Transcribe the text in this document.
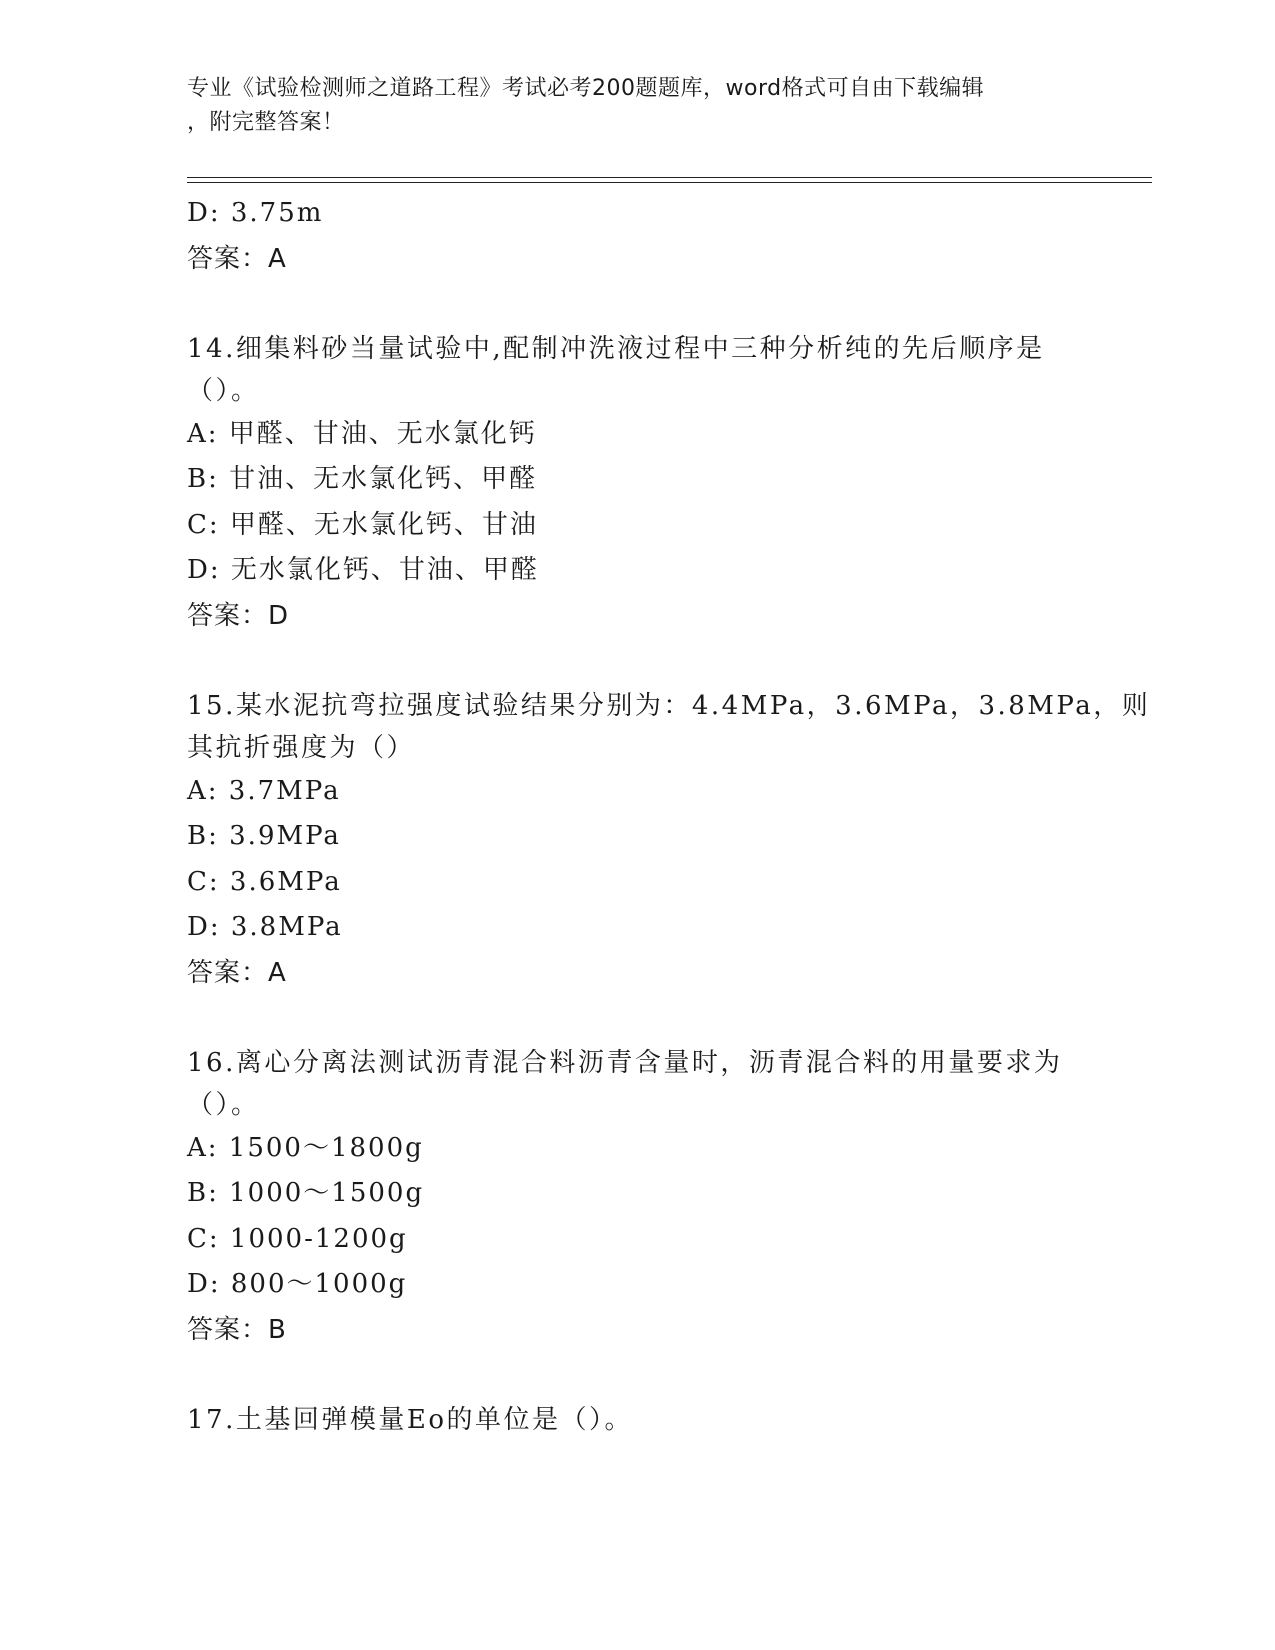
专业《试验检测师之道路工程》考试必考200题题库，word格式可自由下载编辑
，附完整答案！
D: 3.75m
答案：A
14.细集料砂当量试验中,配制冲洗液过程中三种分析纯的先后顺序是
（）。
A: 甲醛、甘油、无水氯化钙
B: 甘油、无水氯化钙、甲醛
C: 甲醛、无水氯化钙、甘油
D: 无水氯化钙、甘油、甲醛
答案：D
15.某水泥抗弯拉强度试验结果分别为：4.4MPa，3.6MPa，3.8MPa，则
其抗折强度为（）
A: 3.7MPa
B: 3.9MPa
C: 3.6MPa
D: 3.8MPa
答案：A
16.离心分离法测试沥青混合料沥青含量时，沥青混合料的用量要求为
（）。
A: 1500～1800g
B: 1000～1500g
C: 1000-1200g
D: 800～1000g
答案：B
17.土基回弹模量Eo的单位是（）。
